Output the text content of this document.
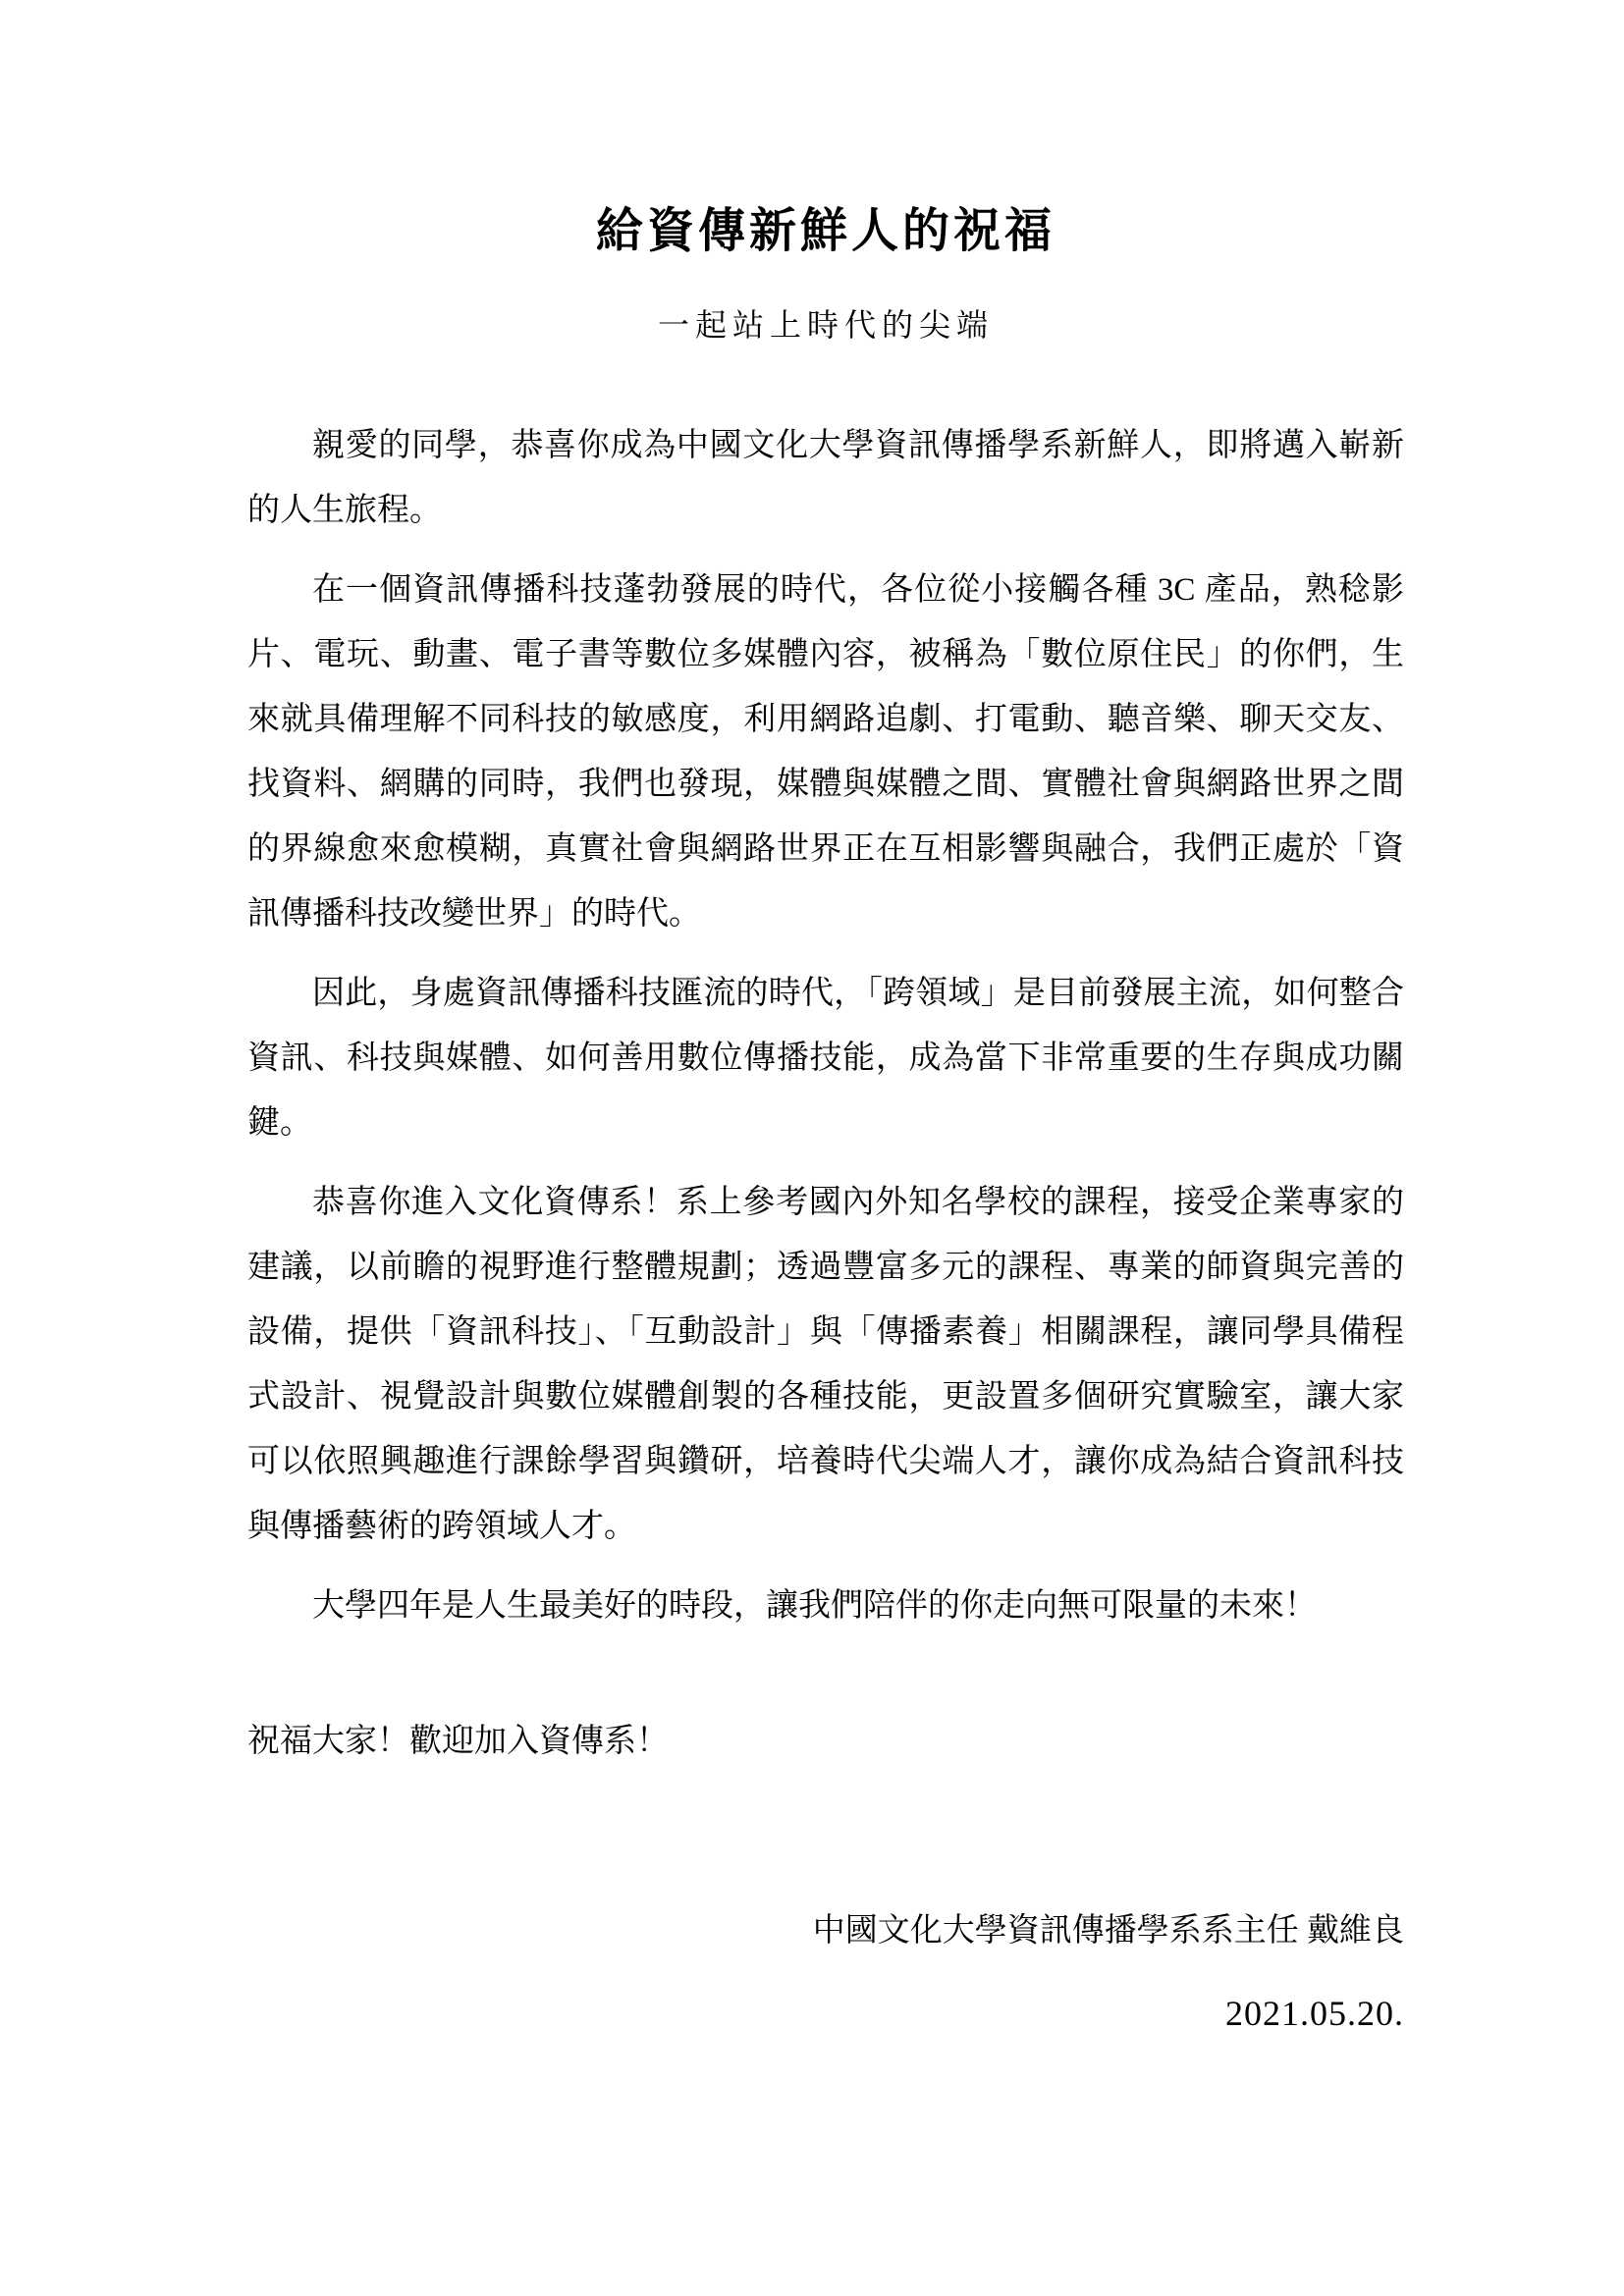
給資傳新鮮人的祝福
一起站上時代的尖端

親愛的同學，恭喜你成為中國文化大學資訊傳播學系新鮮人，即將邁入嶄新的人生旅程。

在一個資訊傳播科技蓬勃發展的時代，各位從小接觸各種 3C 產品，熟稔影片、電玩、動畫、電子書等數位多媒體內容，被稱為「數位原住民」的你們，生來就具備理解不同科技的敏感度，利用網路追劇、打電動、聽音樂、聊天交友、找資料、網購的同時，我們也發現，媒體與媒體之間、實體社會與網路世界之間的界線愈來愈模糊，真實社會與網路世界正在互相影響與融合，我們正處於「資訊傳播科技改變世界」的時代。

因此，身處資訊傳播科技匯流的時代，「跨領域」是目前發展主流，如何整合資訊、科技與媒體、如何善用數位傳播技能，成為當下非常重要的生存與成功關鍵。

恭喜你進入文化資傳系！系上參考國內外知名學校的課程，接受企業專家的建議，以前瞻的視野進行整體規劃；透過豐富多元的課程、專業的師資與完善的設備，提供「資訊科技」、「互動設計」與「傳播素養」相關課程，讓同學具備程式設計、視覺設計與數位媒體創製的各種技能，更設置多個研究實驗室，讓大家可以依照興趣進行課餘學習與鑽研，培養時代尖端人才，讓你成為結合資訊科技與傳播藝術的跨領域人才。

大學四年是人生最美好的時段，讓我們陪伴的你走向無可限量的未來！

祝福大家！歡迎加入資傳系！

中國文化大學資訊傳播學系系主任 戴維良

2021.05.20.
